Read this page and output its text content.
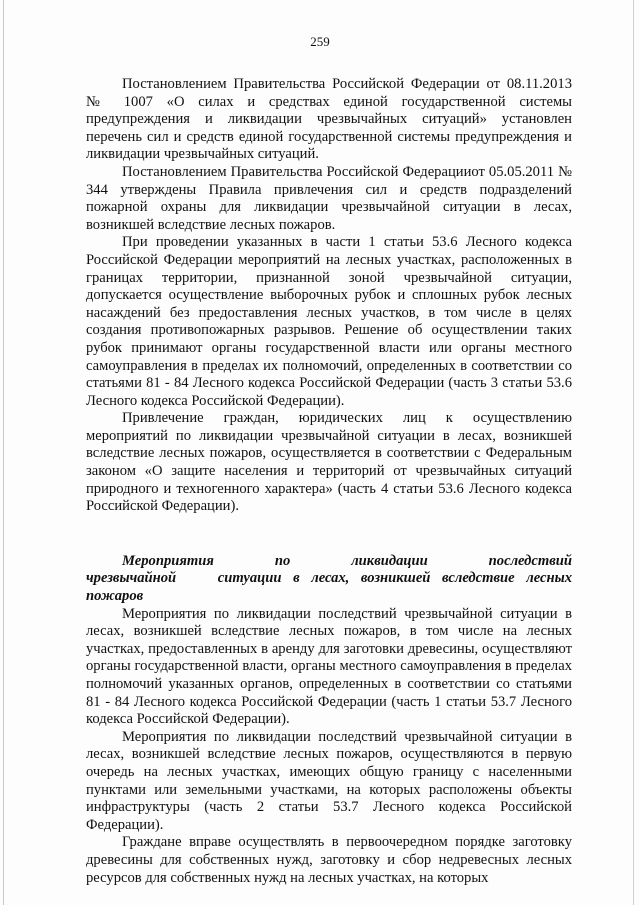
259

Постановлением Правительства Российской Федерации от 08.11.2013 № 1007 «О силах и средствах единой государственной системы предупреждения и ликвидации чрезвычайных ситуаций» установлен перечень сил и средств единой государственной системы предупреждения и ликвидации чрезвычайных ситуаций.

Постановлением Правительства Российской Федерацииот 05.05.2011 № 344 утверждены Правила привлечения сил и средств подразделений пожарной охраны для ликвидации чрезвычайной ситуации в лесах, возникшей вследствие лесных пожаров.

При проведении указанных в части 1 статьи 53.6 Лесного кодекса Российской Федерации мероприятий на лесных участках, расположенных в границах территории, признанной зоной чрезвычайной ситуации, допускается осуществление выборочных рубок и сплошных рубок лесных насаждений без предоставления лесных участков, в том числе в целях создания противопожарных разрывов. Решение об осуществлении таких рубок принимают органы государственной власти или органы местного самоуправления в пределах их полномочий, определенных в соответствии со статьями 81 - 84 Лесного кодекса Российской Федерации (часть 3 статьи 53.6 Лесного кодекса Российской Федерации).

Привлечение граждан, юридических лиц к осуществлению мероприятий по ликвидации чрезвычайной ситуации в лесах, возникшей вследствие лесных пожаров, осуществляется в соответствии с Федеральным законом «О защите населения и территорий от чрезвычайных ситуаций природного и техногенного характера» (часть 4 статьи 53.6 Лесного кодекса Российской Федерации).

Мероприятия по ликвидации последствий чрезвычайной	ситуации в лесах, возникшей вследствие лесных пожаров

Мероприятия по ликвидации последствий чрезвычайной ситуации в лесах, возникшей вследствие лесных пожаров, в том числе на лесных участках, предоставленных в аренду для заготовки древесины, осуществляют органы государственной власти, органы местного самоуправления в пределах полномочий указанных органов, определенных в соответствии со статьями 81 - 84 Лесного кодекса Российской Федерации (часть 1 статьи 53.7 Лесного кодекса Российской Федерации).

Мероприятия по ликвидации последствий чрезвычайной ситуации в лесах, возникшей вследствие лесных пожаров, осуществляются в первую очередь на лесных участках, имеющих общую границу с населенными пунктами или земельными участками, на которых расположены объекты инфраструктуры (часть 2 статьи 53.7 Лесного кодекса Российской Федерации).

Граждане вправе осуществлять в первоочередном порядке заготовку древесины для собственных нужд, заготовку и сбор недревесных лесных ресурсов для собственных нужд на лесных участках, на которых
